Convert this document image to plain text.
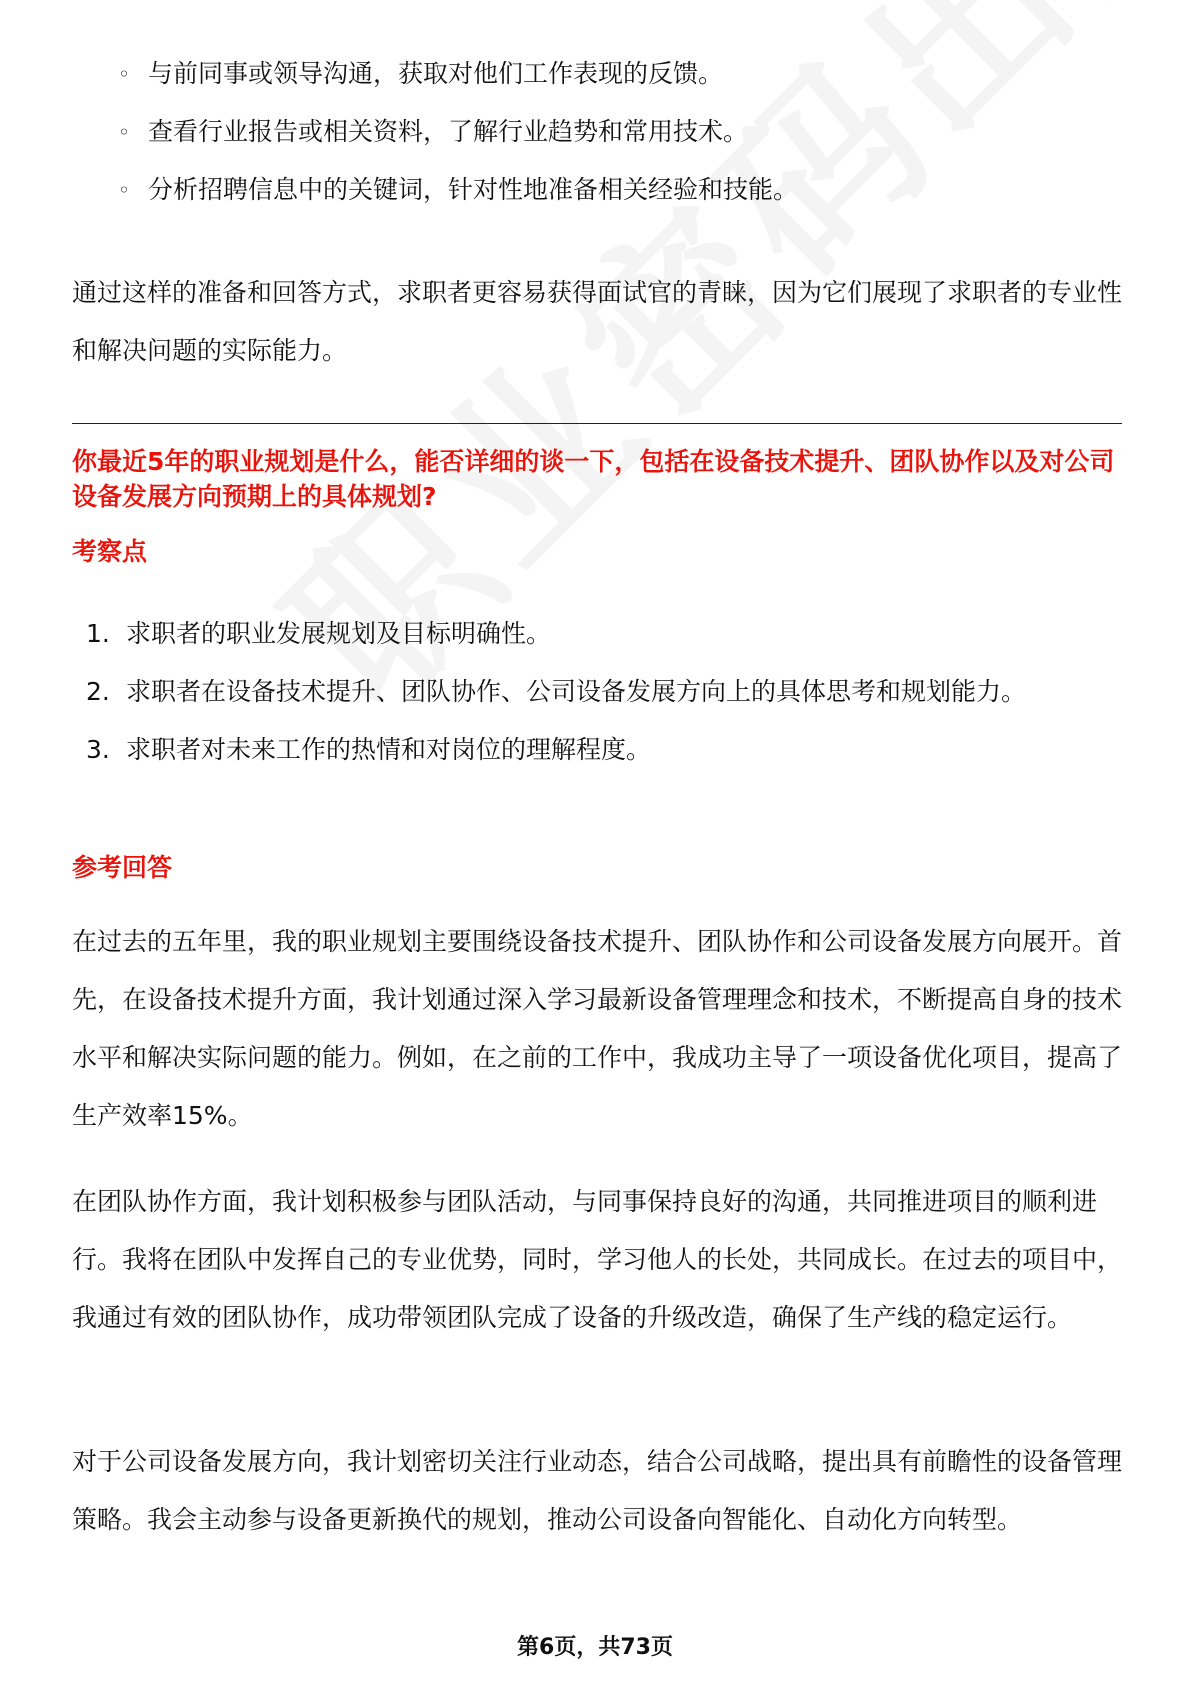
◦ 与前同事或领导沟通，获取对他们工作表现的反馈。
◦ 查看行业报告或相关资料，了解行业趋势和常用技术。
◦ 分析招聘信息中的关键词，针对性地准备相关经验和技能。

通过这样的准备和回答方式，求职者更容易获得面试官的青睐，因为它们展现了求职者的专业性和解决问题的实际能力。

你最近5年的职业规划是什么，能否详细的谈一下，包括在设备技术提升、团队协作以及对公司设备发展方向预期上的具体规划?

考察点

1. 求职者的职业发展规划及目标明确性。
2. 求职者在设备技术提升、团队协作、公司设备发展方向上的具体思考和规划能力。
3. 求职者对未来工作的热情和对岗位的理解程度。

参考回答

在过去的五年里，我的职业规划主要围绕设备技术提升、团队协作和公司设备发展方向展开。首先，在设备技术提升方面，我计划通过深入学习最新设备管理理念和技术，不断提高自身的技术水平和解决实际问题的能力。例如，在之前的工作中，我成功主导了一项设备优化项目，提高了生产效率15%。

在团队协作方面，我计划积极参与团队活动，与同事保持良好的沟通，共同推进项目的顺利进行。我将在团队中发挥自己的专业优势，同时，学习他人的长处，共同成长。在过去的项目中，我通过有效的团队协作，成功带领团队完成了设备的升级改造，确保了生产线的稳定运行。

对于公司设备发展方向，我计划密切关注行业动态，结合公司战略，提出具有前瞻性的设备管理策略。我会主动参与设备更新换代的规划，推动公司设备向智能化、自动化方向转型。

第6页，共73页
